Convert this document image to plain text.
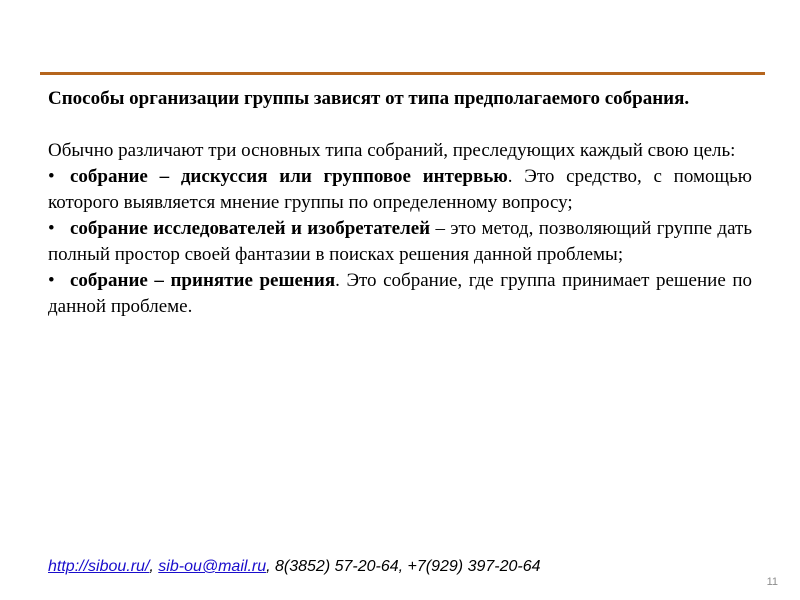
Способы организации группы зависят от типа предполагаемого собрания.

Обычно различают три основных типа собраний, преследующих каждый свою цель:

• собрание – дискуссия или групповое интервью. Это средство, с помощью которого выявляется мнение группы по определенному вопросу;

• собрание исследователей и изобретателей – это метод, позволяющий группе дать полный простор своей фантазии в поисках решения данной проблемы;

• собрание – принятие решения. Это собрание, где группа принимает решение по данной проблеме.

http://sibou.ru/, sib-ou@mail.ru, 8(3852) 57-20-64, +7(929) 397-20-64
11
